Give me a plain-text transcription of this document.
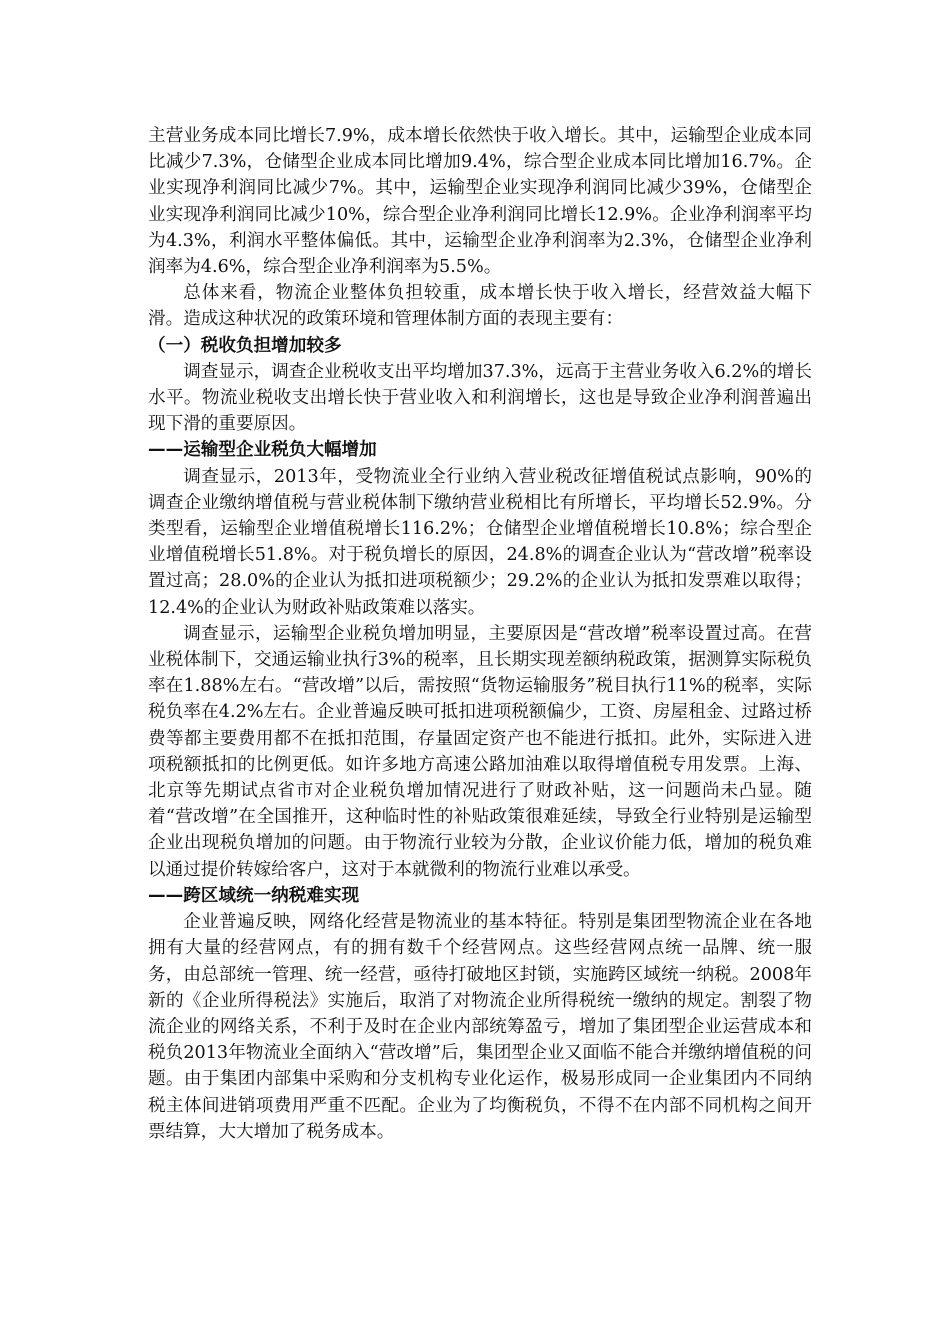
主营业务成本同比增长7.9%，成本增长依然快于收入增长。其中，运输型企业成本同比减少7.3%，仓储型企业成本同比增加9.4%，综合型企业成本同比增加16.7%。企业实现净利润同比减少7%。其中，运输型企业实现净利润同比减少39%，仓储型企业实现净利润同比减少10%，综合型企业净利润同比增长12.9%。企业净利润率平均为4.3%，利润水平整体偏低。其中，运输型企业净利润率为2.3%，仓储型企业净利润率为4.6%，综合型企业净利润率为5.5%。

总体来看，物流企业整体负担较重，成本增长快于收入增长，经营效益大幅下滑。造成这种状况的政策环境和管理体制方面的表现主要有：

（一）税收负担增加较多

调查显示，调查企业税收支出平均增加37.3%，远高于主营业务收入6.2%的增长水平。物流业税收支出增长快于营业收入和利润增长，这也是导致企业净利润普遍出现下滑的重要原因。

——运输型企业税负大幅增加

调查显示，2013年，受物流业全行业纳入营业税改征增值税试点影响，90%的调查企业缴纳增值税与营业税体制下缴纳营业税相比有所增长，平均增长52.9%。分类型看，运输型企业增值税增长116.2%；仓储型企业增值税增长10.8%；综合型企业增值税增长51.8%。对于税负增长的原因，24.8%的调查企业认为“营改增”税率设置过高；28.0%的企业认为抵扣进项税额少；29.2%的企业认为抵扣发票难以取得；12.4%的企业认为财政补贴政策难以落实。

调查显示，运输型企业税负增加明显，主要原因是“营改增”税率设置过高。在营业税体制下，交通运输业执行3%的税率，且长期实现差额纳税政策，据测算实际税负率在1.88%左右。“营改增”以后，需按照“货物运输服务”税目执行11%的税率，实际税负率在4.2%左右。企业普遍反映可抵扣进项税额偏少，工资、房屋租金、过路过桥费等都主要费用都不在抵扣范围，存量固定资产也不能进行抵扣。此外，实际进入进项税额抵扣的比例更低。如许多地方高速公路加油难以取得增值税专用发票。上海、北京等先期试点省市对企业税负增加情况进行了财政补贴，这一问题尚未凸显。随着“营改增”在全国推开，这种临时性的补贴政策很难延续，导致全行业特别是运输型企业出现税负增加的问题。由于物流行业较为分散，企业议价能力低，增加的税负难以通过提价转嫁给客户，这对于本就微利的物流行业难以承受。

——跨区域统一纳税难实现

企业普遍反映，网络化经营是物流业的基本特征。特别是集团型物流企业在各地拥有大量的经营网点，有的拥有数千个经营网点。这些经营网点统一品牌、统一服务，由总部统一管理、统一经营，亟待打破地区封锁，实施跨区域统一纳税。2008年新的《企业所得税法》实施后，取消了对物流企业所得税统一缴纳的规定。割裂了物流企业的网络关系，不利于及时在企业内部统筹盈亏，增加了集团型企业运营成本和税负2013年物流业全面纳入“营改增”后，集团型企业又面临不能合并缴纳增值税的问题。由于集团内部集中采购和分支机构专业化运作，极易形成同一企业集团内不同纳税主体间进销项费用严重不匹配。企业为了均衡税负，不得不在内部不同机构之间开票结算，大大增加了税务成本。
